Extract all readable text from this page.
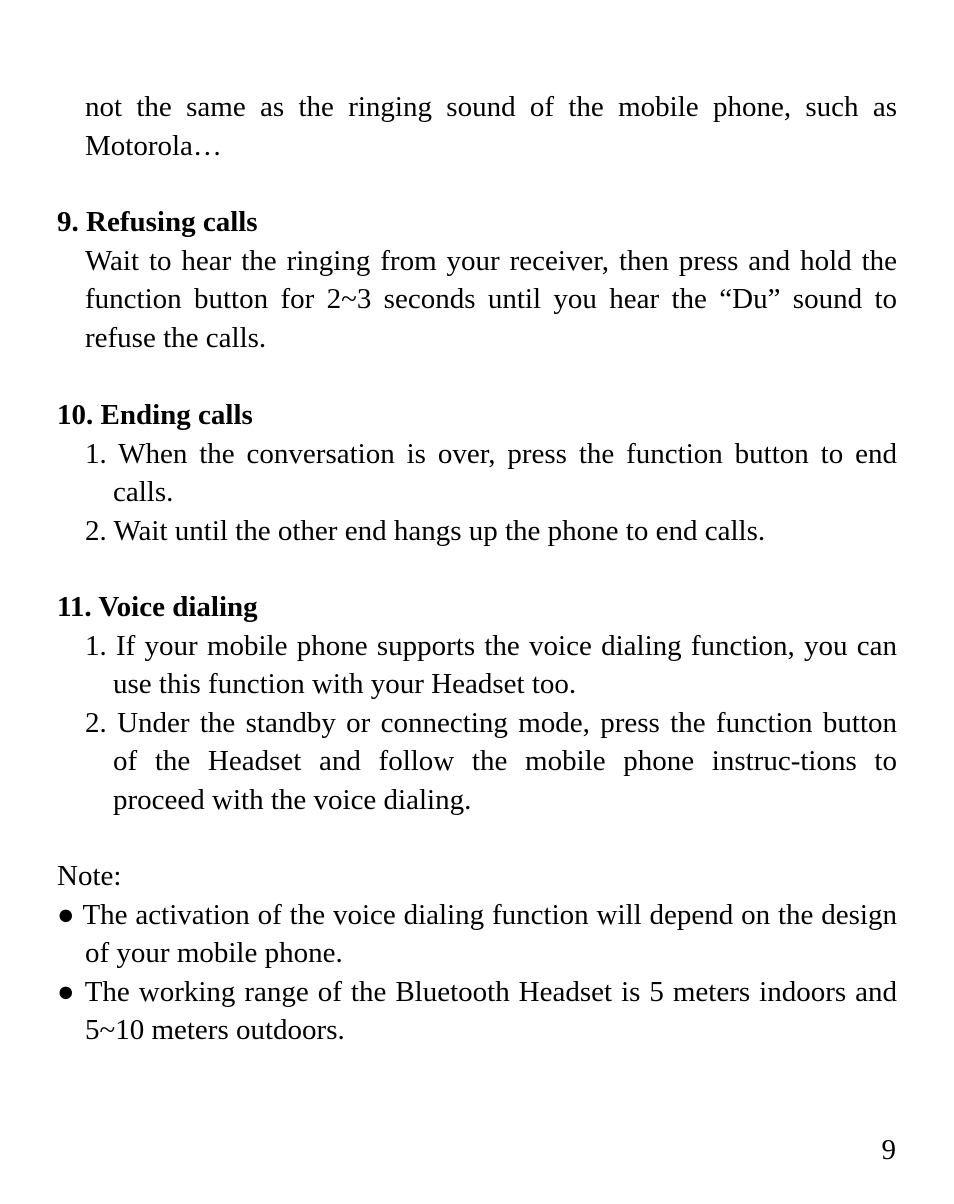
not the same as the ringing sound of the mobile phone, such as Motorola…
9. Refusing calls
Wait to hear the ringing from your receiver, then press and hold the function button for 2~3 seconds until you hear the “Du” sound to refuse the calls.
10. Ending calls
1. When the conversation is over, press the function button to end calls.
2. Wait until the other end hangs up the phone to end calls.
11. Voice dialing
1. If your mobile phone supports the voice dialing function, you can use this function with your Headset too.
2. Under the standby or connecting mode, press the function button of the Headset and follow the mobile phone instruc-tions to proceed with the voice dialing.
Note:
● The activation of the voice dialing function will depend on the design of your mobile phone.
● The working range of the Bluetooth Headset is 5 meters indoors and 5~10 meters outdoors.
9
